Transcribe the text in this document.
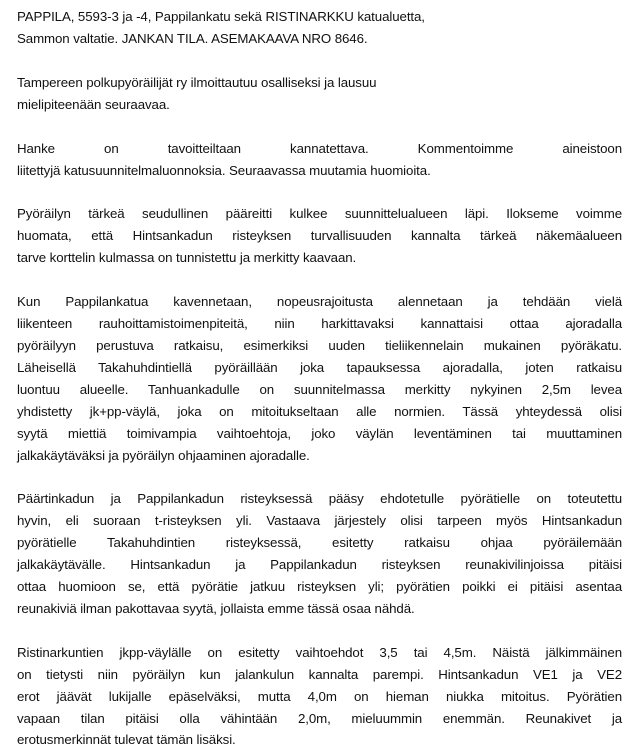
PAPPILA, 5593-3 ja -4, Pappilankatu sekä RISTINARKKU katualuetta,
Sammon valtatie. JANKAN TILA. ASEMAKAAVA NRO 8646.
Tampereen polkupyöräilijät ry ilmoittautuu osalliseksi ja lausuu
mielipiteenään seuraavaa.
Hanke on tavoitteiltaan kannatettava. Kommentoimme aineistoon
liitettyjä katusuunnitelmaluonnoksia. Seuraavassa muutamia huomioita.
Pyöräilyn tärkeä seudullinen pääreitti kulkee suunnittelualueen läpi. Ilokseme voimme
huomata, että Hintsankadun risteyksen turvallisuuden kannalta tärkeä näkemäalueen
tarve korttelin kulmassa on tunnistettu ja merkitty kaavaan.
Kun Pappilankatua kavennetaan, nopeusrajoitusta alennetaan ja tehdään vielä
liikenteen rauhoittamistoimenpiteitä, niin harkittavaksi kannattaisi ottaa ajoradalla
pyöräilyyn perustuva ratkaisu, esimerkiksi uuden tieliikennelain mukainen pyöräkatu.
Läheisellä Takahuhdintiellä pyöräillään joka tapauksessa ajoradalla, joten ratkaisu
luontuu alueelle. Tanhuankadulle on suunnitelmassa merkitty nykyinen 2,5m levea
yhdistetty jk+pp-väylä, joka on mitoitukseltaan alle normien. Tässä yhteydessä olisi
syytä miettiä toimivampia vaihtoehtoja, joko väylän leventäminen tai muuttaminen
jalkakäytäväksi ja pyöräilyn ohjaaminen ajoradalle.
Päärtinkadun ja Pappilankadun risteyksessä pääsy ehdotetulle pyörätielle on toteutettu
hyvin, eli suoraan t-risteyksen yli. Vastaava järjestely olisi tarpeen myös Hintsankadun
pyörätielle Takahuhdintien risteyksessä, esitetty ratkaisu ohjaa pyöräilemään
jalkakäytävälle. Hintsankadun ja Pappilankadun risteyksen reunakivilinjoissa pitäisi
ottaa huomioon se, että pyörätie jatkuu risteyksen yli; pyörätien poikki ei pitäisi asentaa
reunakiviä ilman pakottavaa syytä, jollaista emme tässä osaa nähdä.
Ristinarkuntien jkpp-väylälle on esitetty vaihtoehdot 3,5 tai 4,5m. Näistä jälkimmäinen
on tietysti niin pyöräilyn kun jalankulun kannalta parempi. Hintsankadun VE1 ja VE2
erot jäävät lukijalle epäselväksi, mutta 4,0m on hieman niukka mitoitus. Pyörätien
vapaan tilan pitäisi olla vähintään 2,0m, mieluummin enemmän. Reunakivet ja
erotusmerkinnät tulevat tämän lisäksi.
